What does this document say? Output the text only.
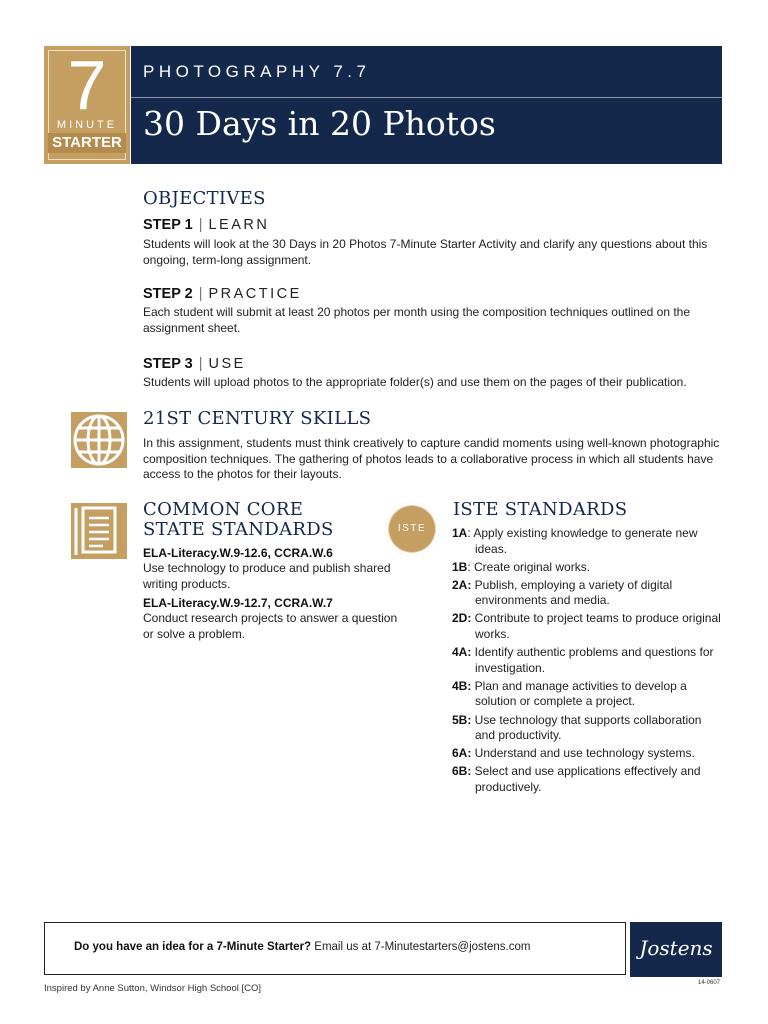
7
MINUTE
STARTER
PHOTOGRAPHY 7.7
30 Days in 20 Photos
OBJECTIVES
STEP 1 | LEARN
Students will look at the 30 Days in 20 Photos 7-Minute Starter Activity and clarify any questions about this ongoing, term-long assignment.
STEP 2 | PRACTICE
Each student will submit at least 20 photos per month using the composition techniques outlined on the assignment sheet.
STEP 3 | USE
Students will upload photos to the appropriate folder(s) and use them on the pages of their publication.
21ST CENTURY SKILLS
In this assignment, students must think creatively to capture candid moments using well-known photographic composition techniques. The gathering of photos leads to a collaborative process in which all students have access to the photos for their layouts.
COMMON CORE
STATE STANDARDS
ELA-Literacy.W.9-12.6, CCRA.W.6
Use technology to produce and publish shared writing products.
ELA-Literacy.W.9-12.7, CCRA.W.7
Conduct research projects to answer a question or solve a problem.
ISTE
ISTE STANDARDS
1A: Apply existing knowledge to generate new ideas.
1B: Create original works.
2A: Publish, employing a variety of digital environments and media.
2D: Contribute to project teams to produce original works.
4A: Identify authentic problems and questions for investigation.
4B: Plan and manage activities to develop a solution or complete a project.
5B: Use technology that supports collaboration and productivity.
6A: Understand and use technology systems.
6B: Select and use applications effectively and productively.
Do you have an idea for a 7-Minute Starter? Email us at 7-Minutestarters@jostens.com	Jostens
Inspired by Anne Sutton, Windsor High School [CO]	14-0607
